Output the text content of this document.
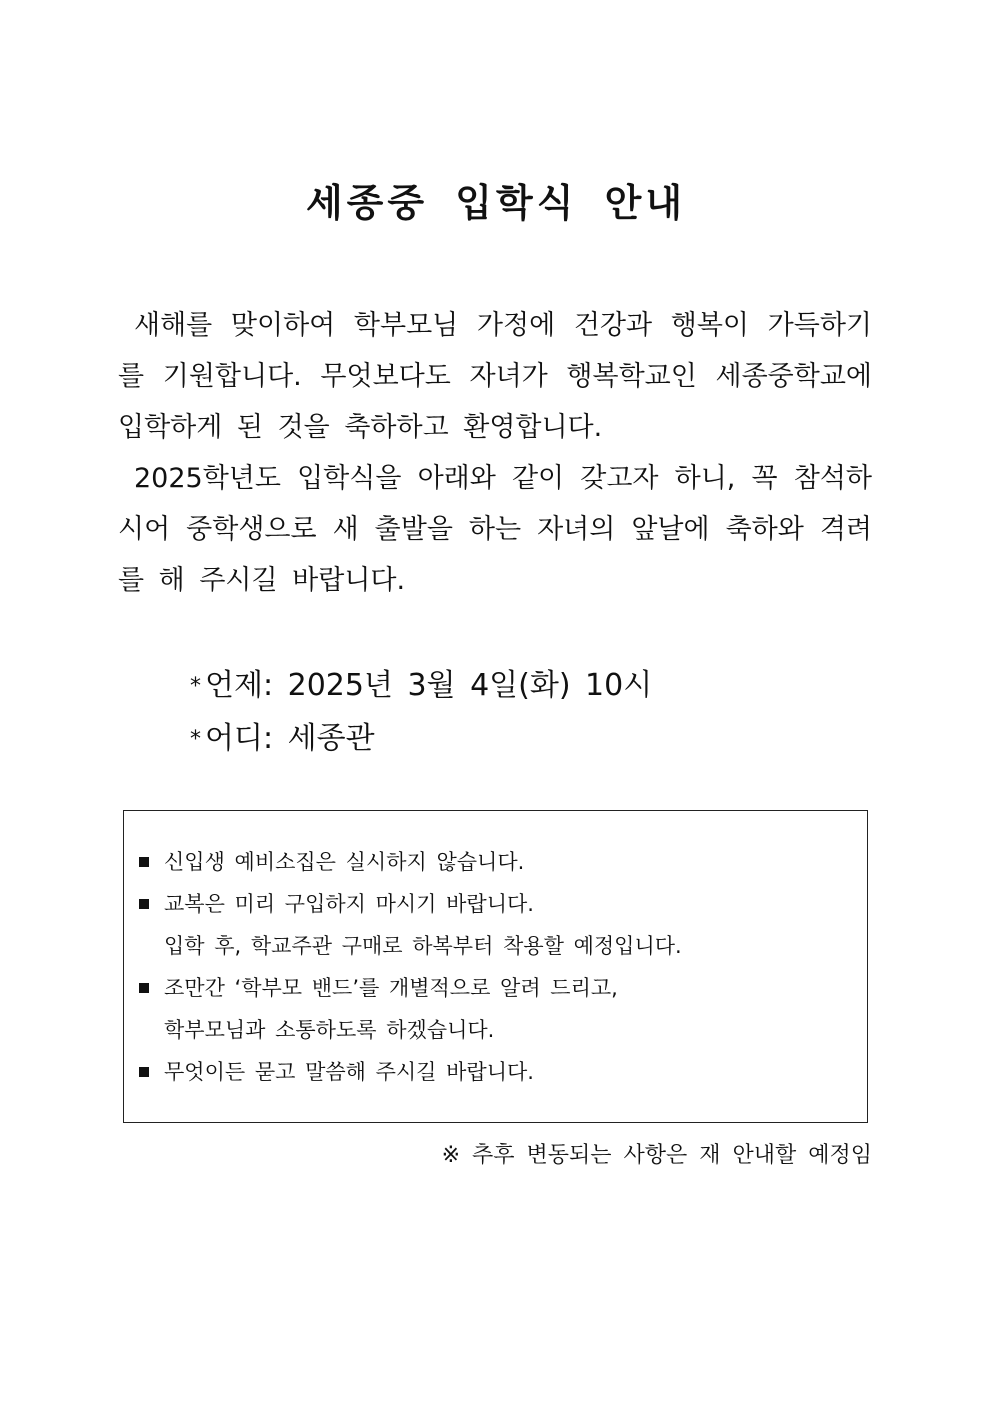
세종중 입학식 안내

새해를 맞이하여 학부모님 가정에 건강과 행복이 가득하기를 기원합니다. 무엇보다도 자녀가 행복학교인 세종중학교에 입학하게 된 것을 축하하고 환영합니다.

2025학년도 입학식을 아래와 같이 갖고자 하니, 꼭 참석하시어 중학생으로 새 출발을 하는 자녀의 앞날에 축하와 격려를 해 주시길 바랍니다.

* 언제: 2025년 3월 4일(화) 10시
* 어디: 세종관
신입생 예비소집은 실시하지 않습니다.
교복은 미리 구입하지 마시기 바랍니다.
입학 후, 학교주관 구매로 하복부터 착용할 예정입니다.
조만간 ‘학부모 밴드’를 개별적으로 알려 드리고,
학부모님과 소통하도록 하겠습니다.
무엇이든 묻고 말씀해 주시길 바랍니다.
※ 추후 변동되는 사항은 재 안내할 예정임
